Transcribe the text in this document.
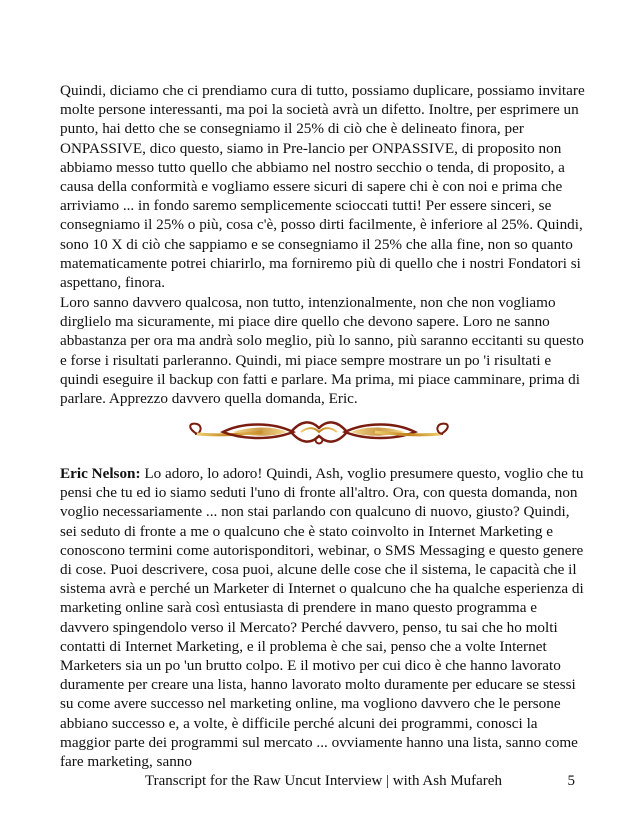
Quindi, diciamo che ci prendiamo cura di tutto, possiamo duplicare, possiamo invitare molte persone interessanti, ma poi la società avrà un difetto. Inoltre, per esprimere un punto, hai detto che se consegniamo il 25% di ciò che è delineato finora, per ONPASSIVE, dico questo, siamo in Pre-lancio per ONPASSIVE, di proposito non abbiamo messo tutto quello che abbiamo nel nostro secchio o tenda, di proposito, a causa della conformità e vogliamo essere sicuri di sapere chi è con noi e prima che arriviamo ... in fondo saremo semplicemente scioccati tutti! Per essere sinceri, se consegniamo il 25% o più, cosa c'è, posso dirti facilmente, è inferiore al 25%. Quindi, sono 10 X di ciò che sappiamo e se consegniamo il 25% che alla fine, non so quanto matematicamente potrei chiarirlo, ma forniremo più di quello che i nostri Fondatori si aspettano, finora.

Loro sanno davvero qualcosa, non tutto, intenzionalmente, non che non vogliamo dirglielo ma sicuramente, mi piace dire quello che devono sapere. Loro ne sanno abbastanza per ora ma andrà solo meglio, più lo sanno, più saranno eccitanti su questo e forse i risultati parleranno. Quindi, mi piace sempre mostrare un po 'i risultati e quindi eseguire il backup con fatti e parlare. Ma prima, mi piace camminare, prima di parlare. Apprezzo davvero quella domanda, Eric.

Eric Nelson: Lo adoro, lo adoro! Quindi, Ash, voglio presumere questo, voglio che tu pensi che tu ed io siamo seduti l'uno di fronte all'altro. Ora, con questa domanda, non voglio necessariamente ... non stai parlando con qualcuno di nuovo, giusto? Quindi, sei seduto di fronte a me o qualcuno che è stato coinvolto in Internet Marketing e conoscono termini come autorisponditori, webinar, o SMS Messaging e questo genere di cose. Puoi descrivere, cosa puoi, alcune delle cose che il sistema, le capacità che il sistema avrà e perché un Marketer di Internet o qualcuno che ha qualche esperienza di marketing online sarà così entusiasta di prendere in mano questo programma e davvero spingendolo verso il Mercato? Perché davvero, penso, tu sai che ho molti contatti di Internet Marketing, e il problema è che sai, penso che a volte Internet Marketers sia un po 'un brutto colpo. E il motivo per cui dico è che hanno lavorato duramente per creare una lista, hanno lavorato molto duramente per educare se stessi su come avere successo nel marketing online, ma vogliono davvero che le persone abbiano successo e, a volte, è difficile perché alcuni dei programmi, conosci la maggior parte dei programmi sul mercato ... ovviamente hanno una lista, sanno come fare marketing, sanno

Transcript for the Raw Uncut Interview | with Ash Mufareh	5
